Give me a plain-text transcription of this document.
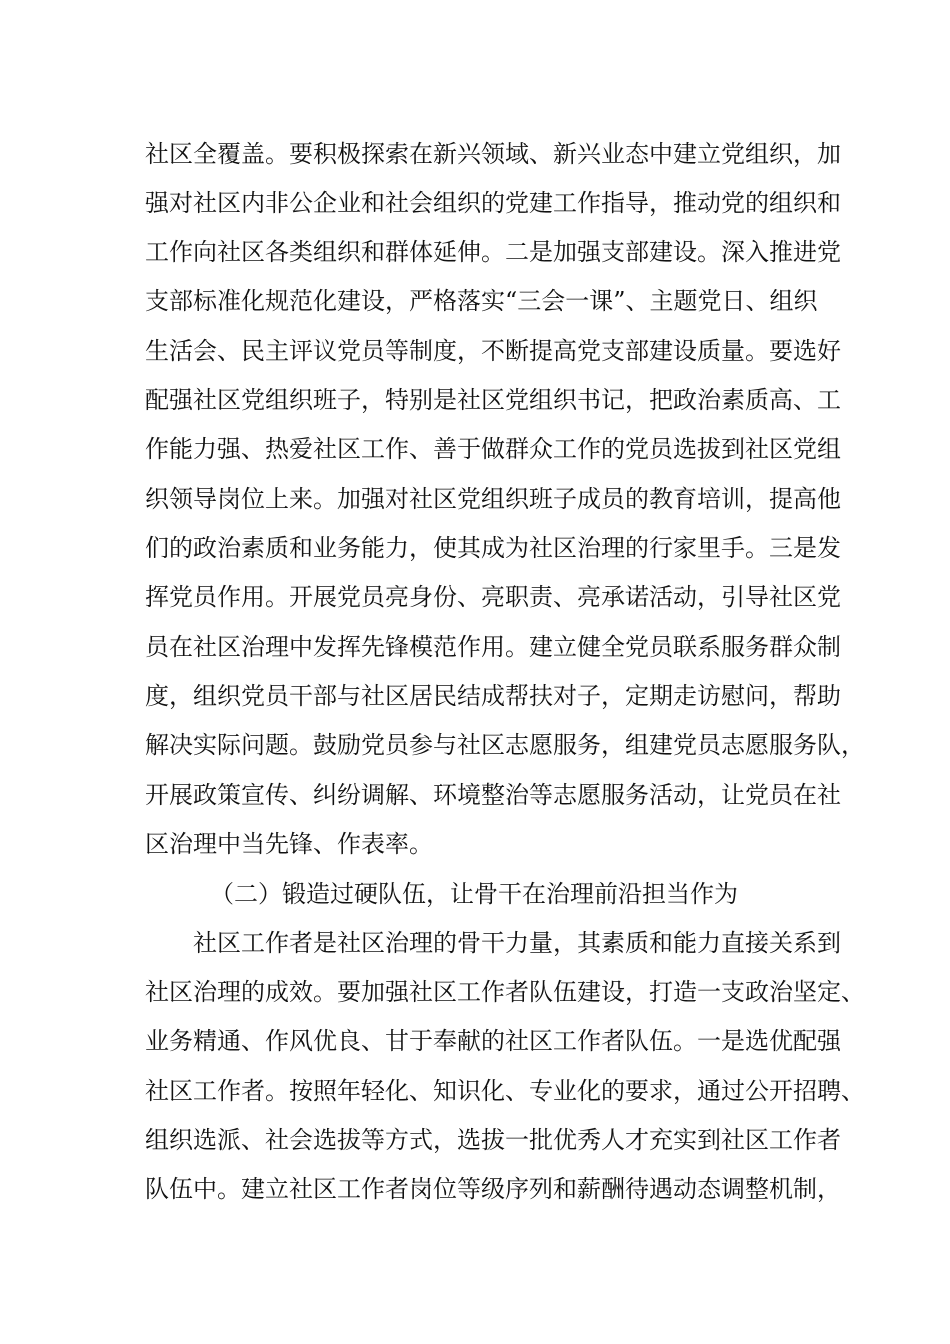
社区全覆盖。要积极探索在新兴领域、新兴业态中建立党组织，加
强对社区内非公企业和社会组织的党建工作指导，推动党的组织和
工作向社区各类组织和群体延伸。二是加强支部建设。深入推进党
支部标准化规范化建设，严格落实“三会一课”、主题党日、组织
生活会、民主评议党员等制度，不断提高党支部建设质量。要选好
配强社区党组织班子，特别是社区党组织书记，把政治素质高、工
作能力强、热爱社区工作、善于做群众工作的党员选拔到社区党组
织领导岗位上来。加强对社区党组织班子成员的教育培训，提高他
们的政治素质和业务能力，使其成为社区治理的行家里手。三是发
挥党员作用。开展党员亮身份、亮职责、亮承诺活动，引导社区党
员在社区治理中发挥先锋模范作用。建立健全党员联系服务群众制
度，组织党员干部与社区居民结成帮扶对子，定期走访慰问，帮助
解决实际问题。鼓励党员参与社区志愿服务，组建党员志愿服务队，
开展政策宣传、纠纷调解、环境整治等志愿服务活动，让党员在社
区治理中当先锋、作表率。
（二）锻造过硬队伍，让骨干在治理前沿担当作为
社区工作者是社区治理的骨干力量，其素质和能力直接关系到
社区治理的成效。要加强社区工作者队伍建设，打造一支政治坚定、
业务精通、作风优良、甘于奉献的社区工作者队伍。一是选优配强
社区工作者。按照年轻化、知识化、专业化的要求，通过公开招聘、
组织选派、社会选拔等方式，选拔一批优秀人才充实到社区工作者
队伍中。建立社区工作者岗位等级序列和薪酬待遇动态调整机制，
